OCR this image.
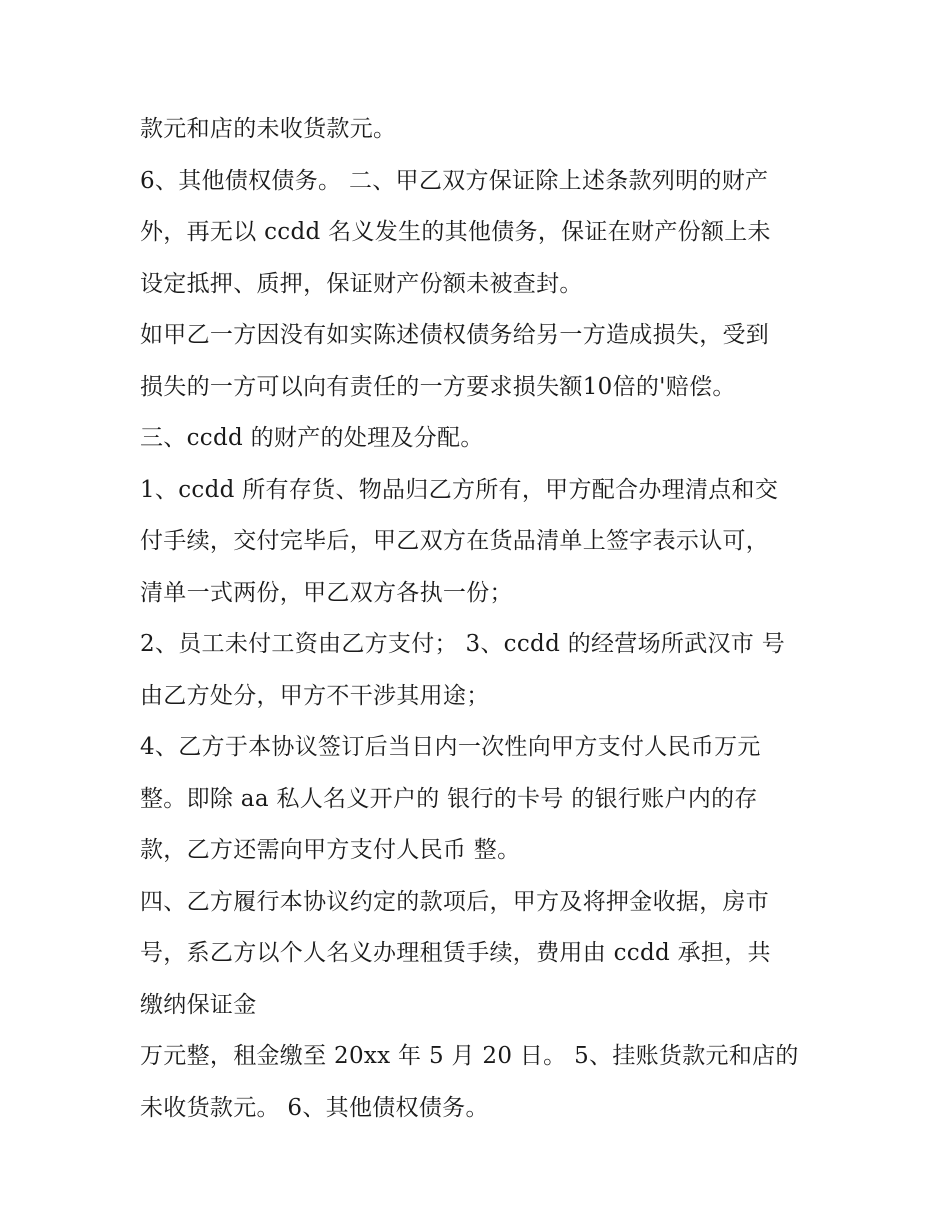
款元和店的未收货款元。
6、其他债权债务。 二、甲乙双方保证除上述条款列明的财产
外，再无以 ccdd 名义发生的其他债务，保证在财产份额上未
设定抵押、质押，保证财产份额未被查封。
如甲乙一方因没有如实陈述债权债务给另一方造成损失，受到
损失的一方可以向有责任的一方要求损失额10倍的'赔偿。
三、ccdd 的财产的处理及分配。
1、ccdd 所有存货、物品归乙方所有，甲方配合办理清点和交
付手续，交付完毕后，甲乙双方在货品清单上签字表示认可，
清单一式两份，甲乙双方各执一份；
2、员工未付工资由乙方支付； 3、ccdd 的经营场所武汉市 号
由乙方处分，甲方不干涉其用途；
4、乙方于本协议签订后当日内一次性向甲方支付人民币万元
整。即除 aa 私人名义开户的 银行的卡号 的银行账户内的存
款，乙方还需向甲方支付人民币 整。
四、乙方履行本协议约定的款项后，甲方及将押金收据，房市
号，系乙方以个人名义办理租赁手续，费用由 ccdd 承担，共
缴纳保证金
万元整，租金缴至 20xx 年 5 月 20 日。 5、挂账货款元和店的
未收货款元。 6、其他债权债务。
